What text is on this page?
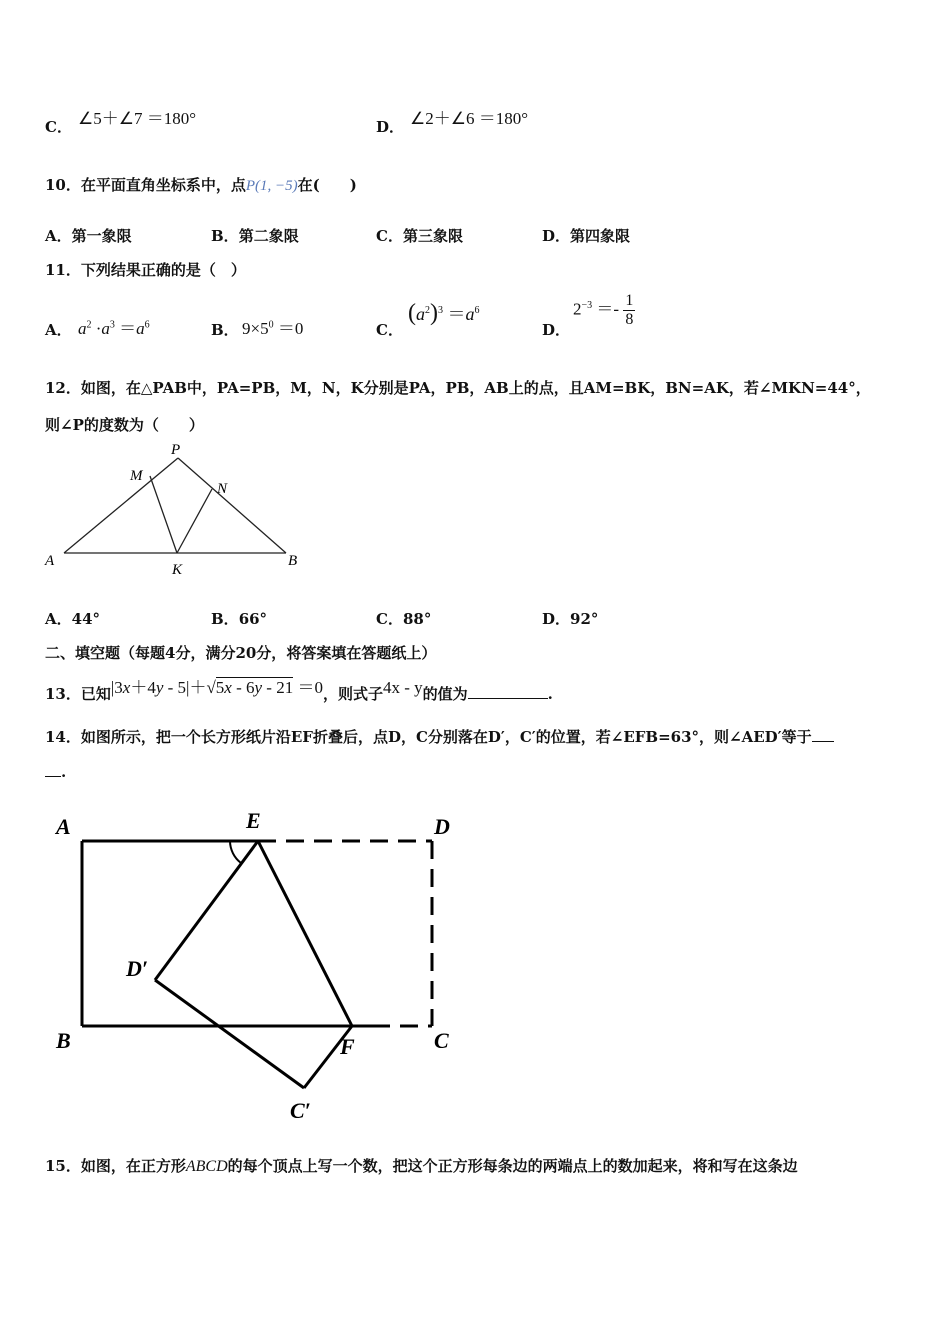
C． ∠5＋∠7 ＝180°	D． ∠2＋∠6 ＝180°
10．在平面直角坐标系中，点P(1, −5)在(　　)
A．第一象限	B．第二象限	C．第三象限	D．第四象限
11．下列结果正确的是（　）
A． $a^2 \cdot a^3 =a^6$	B． $9\times 5^0 =0$	C．
$(a^2)^3 =a^6$
D．
$2^{-3} =- \frac{1}{8}$
12．如图，在△PAB中，PA=PB，M，N，K分别是PA，PB，AB上的点，且AM=BK，BN=AK，若∠MKN=44°，
则∠P的度数为（　　）
P
M
N
A
K
B
A．44°	B．66°	C．88°	D．92°
二、填空题（每题4分，满分20分，将答案填在答题纸上）
13．已知|3x＋4y - 5|＋√5x - 6y - 21 ＝0，则式子4x - y的值为	.
14．如图所示，把一个长方形纸片沿EF折叠后，点D，C分别落在D′，C′的位置，若∠EFB=63°，则∠AED′等于
.
A	E	D
D′
B	F	C
C′
15．如图，在正方形ABCD的每个顶点上写一个数，把这个正方形每条边的两端点上的数加起来，将和写在这条边
